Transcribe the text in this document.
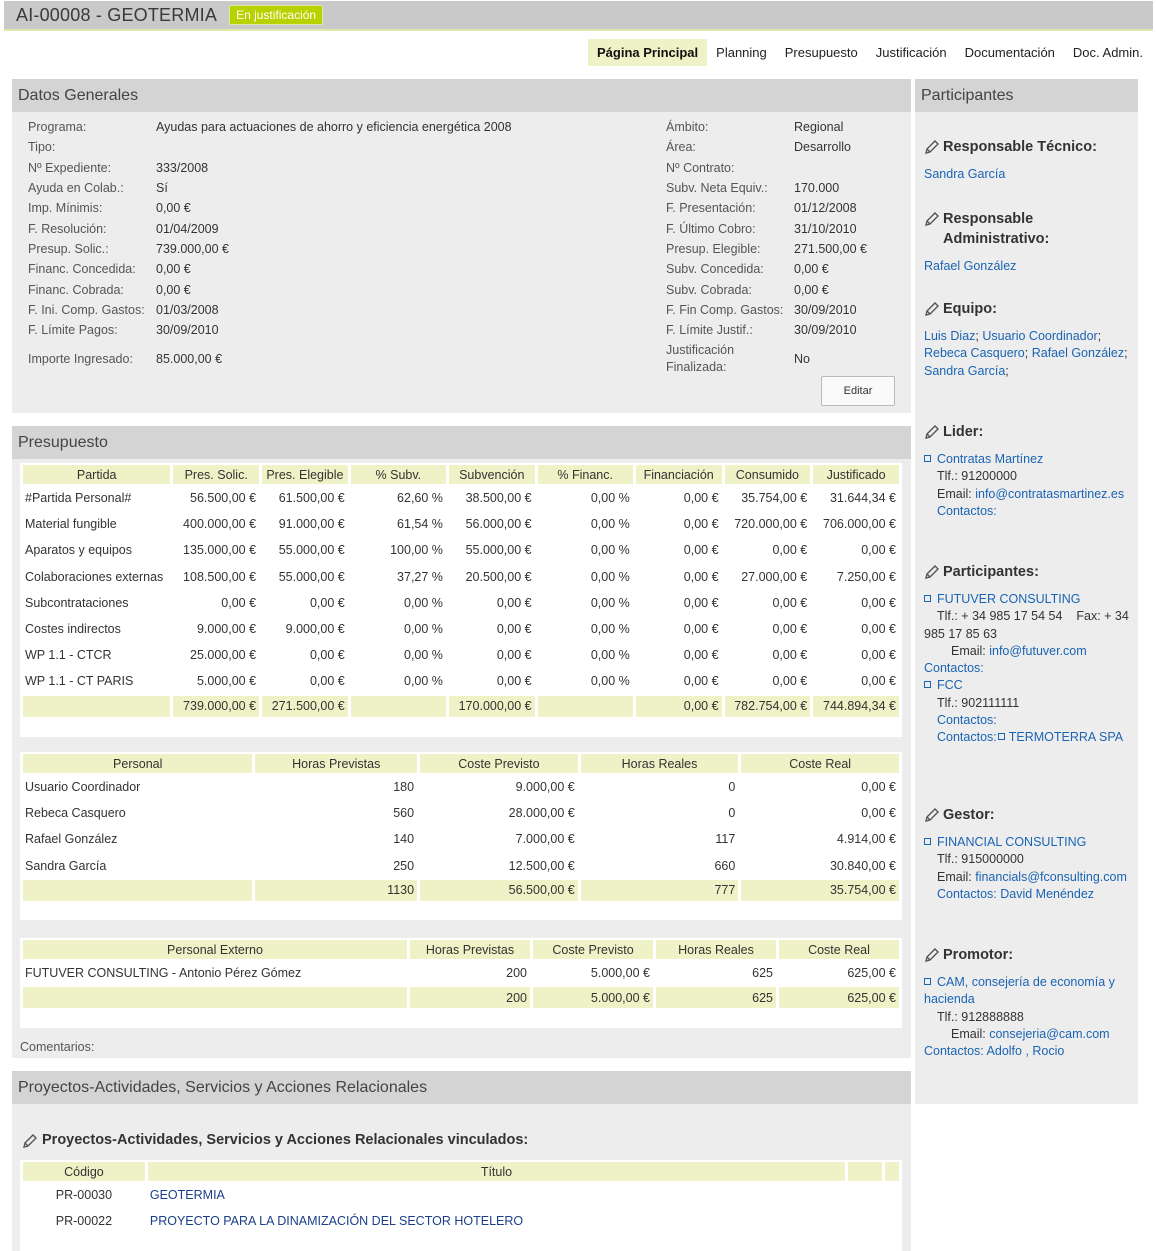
AI-00008 - GEOTERMIA	En justificación
Página Principal	Planning	Presupuesto	Justificación	Documentación	Doc. Admin.
Datos Generales
Programa:	Ayudas para actuaciones de ahorro y eficiencia energética 2008
Tipo:
Nº Expediente:	333/2008
Ayuda en Colab.:	Sí
Imp. Mínimis:	0,00 €
F. Resolución:	01/04/2009
Presup. Solic.:	739.000,00 €
Financ. Concedida:	0,00 €
Financ. Cobrada:	0,00 €
F. Ini. Comp. Gastos: 01/03/2008
F. Límite Pagos:	30/09/2010
Importe Ingresado:	85.000,00 €
Ámbito:	Regional
Área:	Desarrollo
Nº Contrato:
Subv. Neta Equiv.:	170.000
F. Presentación:	01/12/2008
F. Último Cobro:	31/10/2010
Presup. Elegible:	271.500,00 €
Subv. Concedida:	0,00 €
Subv. Cobrada:	0,00 €
F. Fin Comp. Gastos: 30/09/2010
F. Límite Justif.:	30/09/2010
Justificación Finalizada:
No
Editar
Presupuesto
Partida	Pres. Solic.	Pres. Elegible	% Subv.	Subvención	% Financ.	Financiación	Consumido	Justificado
#Partida Personal#	56.500,00 €	61.500,00 €	62,60 %	38.500,00 €	0,00 %	0,00 €	35.754,00 €	31.644,34 €
Material fungible	400.000,00 €	91.000,00 €	61,54 %	56.000,00 €	0,00 %	0,00 €	720.000,00 €	706.000,00 €
Aparatos y equipos	135.000,00 €	55.000,00 €	100,00 %	55.000,00 €	0,00 %	0,00 €	0,00 €	0,00 €
Colaboraciones externas	108.500,00 €	55.000,00 €	37,27 %	20.500,00 €	0,00 %	0,00 €	27.000,00 €	7.250,00 €
Subcontrataciones	0,00 €	0,00 €	0,00 %	0,00 €	0,00 %	0,00 €	0,00 €	0,00 €
Costes indirectos	9.000,00 €	9.000,00 €	0,00 %	0,00 €	0,00 %	0,00 €	0,00 €	0,00 €
WP 1.1 - CTCR	25.000,00 €	0,00 €	0,00 %	0,00 €	0,00 %	0,00 €	0,00 €	0,00 €
WP 1.1 - CT PARIS	5.000,00 €	0,00 €	0,00 %	0,00 €	0,00 %	0,00 €	0,00 €	0,00 €
	739.000,00 €	271.500,00 €		170.000,00 €		0,00 €	782.754,00 €	744.894,34 €
Personal	Horas Previstas	Coste Previsto	Horas Reales	Coste Real
Usuario Coordinador	180	9.000,00 €	0	0,00 €
Rebeca Casquero	560	28.000,00 €	0	0,00 €
Rafael González	140	7.000,00 €	117	4.914,00 €
Sandra García	250	12.500,00 €	660	30.840,00 €
	1130	56.500,00 €	777	35.754,00 €
Personal Externo	Horas Previstas	Coste Previsto	Horas Reales	Coste Real
FUTUVER CONSULTING - Antonio Pérez Gómez	200	5.000,00 €	625	625,00 €
	200	5.000,00 €	625	625,00 €
Comentarios:
Proyectos-Actividades, Servicios y Acciones Relacionales
Proyectos-Actividades, Servicios y Acciones Relacionales vinculados:
Código	Título		
PR-00030	GEOTERMIA		
PR-00022	PROYECTO PARA LA DINAMIZACIÓN DEL SECTOR HOTELERO		
Participantes
Responsable Técnico:
Sandra García
Responsable Administrativo:
Rafael González
Equipo:
Luis Diaz; Usuario Coordinador; Rebeca Casquero; Rafael González; Sandra García;
Lider:
Contratas Martínez
Tlf.: 91200000
Email: info@contratasmartinez.es
Contactos:
Participantes:
FUTUVER CONSULTING
Tlf.: + 34 985 17 54 54 Fax: + 34 985 17 85 63
Email: info@futuver.com
Contactos:
FCC
Tlf.: 902111111
Contactos:
Contactos: TERMOTERRA SPA
Gestor:
FINANCIAL CONSULTING
Tlf.: 915000000
Email: financials@fconsulting.com
Contactos: David Menéndez
Promotor:
CAM, consejería de economía y hacienda
Tlf.: 912888888
Email: consejeria@cam.com
Contactos: Adolfo , Rocio
